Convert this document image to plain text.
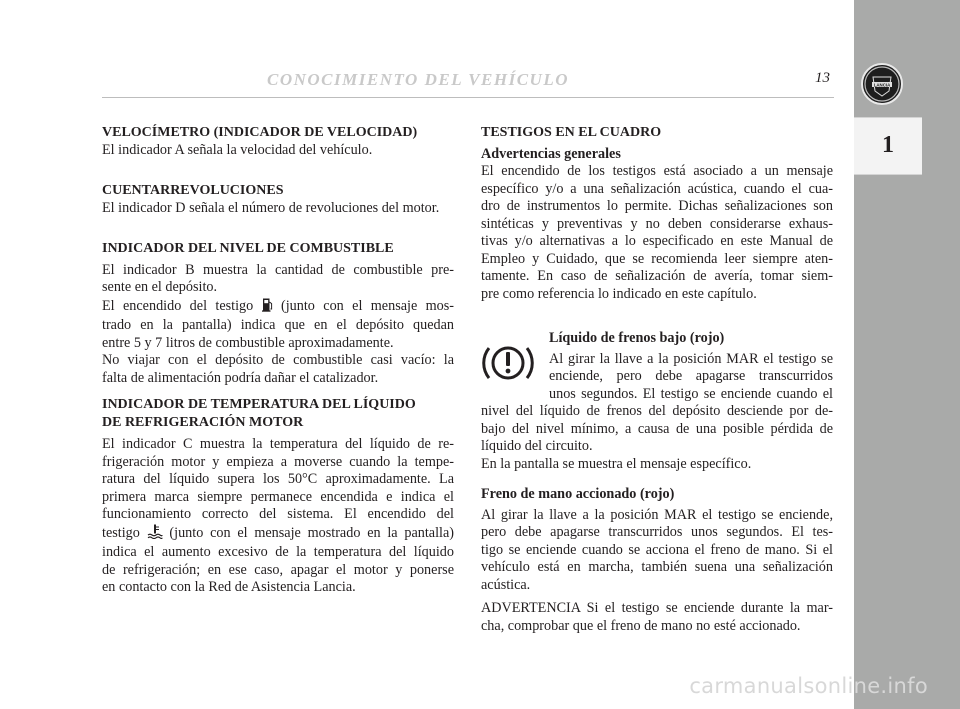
CONOCIMIENTO DEL VEHÍCULO	13	LANCIA
1

VELOCÍMETRO (INDICADOR DE VELOCIDAD)

El indicador A señala la velocidad del vehículo.

CUENTARREVOLUCIONES

El indicador D señala el número de revoluciones del motor.

INDICADOR DEL NIVEL DE COMBUSTIBLE

El indicador B muestra la cantidad de combustible pre-
sente en el depósito.
El encendido del testigo (junto con el mensaje mos-
trado en la pantalla) indica que en el depósito quedan
entre 5 y 7 litros de combustible aproximadamente.
No viajar con el depósito de combustible casi vacío: la
falta de alimentación podría dañar el catalizador.

INDICADOR DE TEMPERATURA DEL LÍQUIDO

DE REFRIGERACIÓN MOTOR

El indicador C muestra la temperatura del líquido de re-
frigeración motor y empieza a moverse cuando la tempe-
ratura del líquido supera los 50°C aproximadamente. La
primera marca siempre permanece encendida e indica el
funcionamiento correcto del sistema. El encendido del
testigo (junto con el mensaje mostrado en la pantalla)
indica el aumento excesivo de la temperatura del líquido
de refrigeración; en ese caso, apagar el motor y ponerse
en contacto con la Red de Asistencia Lancia.

TESTIGOS EN EL CUADRO

Advertencias generales

El encendido de los testigos está asociado a un mensaje
específico y/o a una señalización acústica, cuando el cua-
dro de instrumentos lo permite. Dichas señalizaciones son
sintéticas y preventivas y no deben considerarse exhaus-
tivas y/o alternativas a lo especificado en este Manual de
Empleo y Cuidado, que se recomienda leer siempre aten-
tamente. En caso de señalización de avería, tomar siem-
pre como referencia lo indicado en este capítulo.

Líquido de frenos bajo (rojo)

Al girar la llave a la posición MAR el testigo se
enciende, pero debe apagarse transcurridos
unos segundos. El testigo se enciende cuando el
nivel del líquido de frenos del depósito desciende por de-
bajo del nivel mínimo, a causa de una posible pérdida de
líquido del circuito.
En la pantalla se muestra el mensaje específico.

Freno de mano accionado (rojo)

Al girar la llave a la posición MAR el testigo se enciende,
pero debe apagarse transcurridos unos segundos. El tes-
tigo se enciende cuando se acciona el freno de mano. Si el
vehículo está en marcha, también suena una señalización
acústica.
ADVERTENCIA Si el testigo se enciende durante la mar-
cha, comprobar que el freno de mano no esté accionado.
carmanualsonline.info
